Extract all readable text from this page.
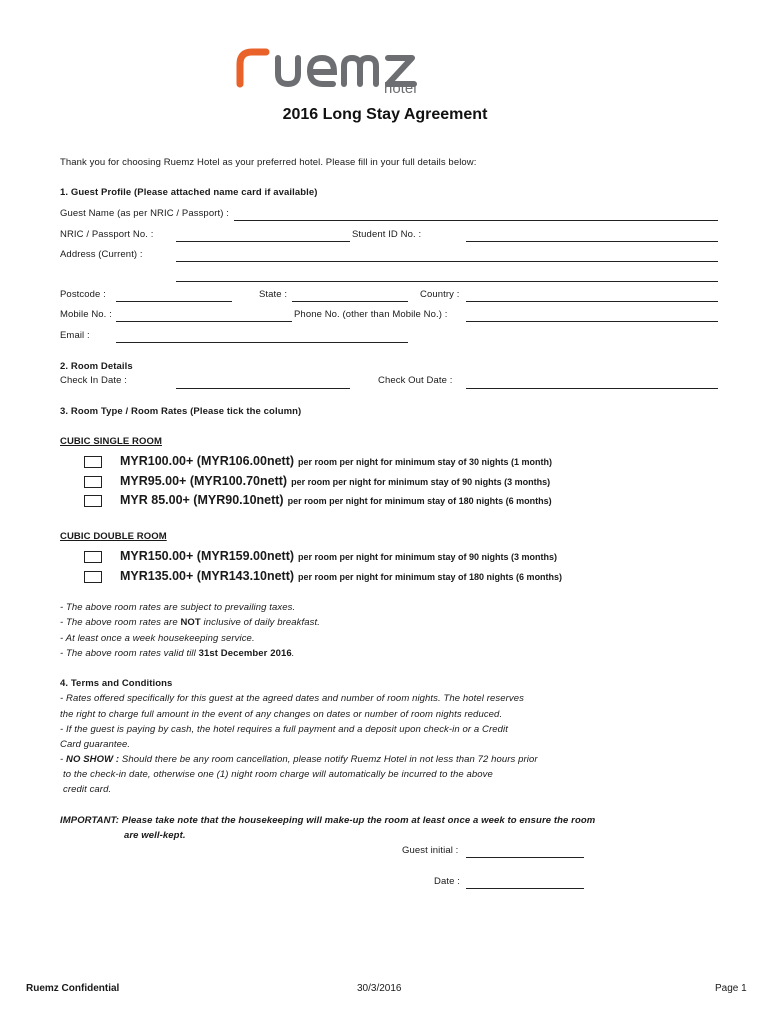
hotel
2016 Long Stay Agreement
Thank you for choosing Ruemz Hotel as your preferred hotel. Please fill in your full details below:
1. Guest Profile (Please attached name card if available)
Guest Name (as per NRIC / Passport) :
NRIC / Passport No. :	Student ID No. :
Address (Current) :
Postcode :	State :	Country :
Mobile No. :	Phone No. (other than Mobile No.) :
Email :
2. Room Details
Check In Date :	Check Out Date :
3. Room Type / Room Rates (Please tick the column)
CUBIC SINGLE ROOM
MYR100.00+ (MYR106.00nett) per room per night for minimum stay of 30 nights (1 month)
MYR95.00+ (MYR100.70nett) per room per night for minimum stay of 90 nights (3 months)
MYR 85.00+ (MYR90.10nett) per room per night for minimum stay of 180 nights (6 months)
CUBIC DOUBLE ROOM
MYR150.00+ (MYR159.00nett) per room per night for minimum stay of 90 nights (3 months)
MYR135.00+ (MYR143.10nett) per room per night for minimum stay of 180 nights (6 months)
- The above room rates are subject to prevailing taxes.
- The above room rates are NOT inclusive of daily breakfast.
- At least once a week housekeeping service.
- The above room rates valid till 31st December 2016.
4. Terms and Conditions
- Rates offered specifically for this guest at the agreed dates and number of room nights. The hotel reserves
the right to charge full amount in the event of any changes on dates or number of room nights reduced.
- If the guest is paying by cash, the hotel requires a full payment and a deposit upon check-in or a Credit
Card guarantee.
- NO SHOW : Should there be any room cancellation, please notify Ruemz Hotel in not less than 72 hours prior
to the check-in date, otherwise one (1) night room charge will automatically be incurred to the above
credit card.
IMPORTANT: Please take note that the housekeeping will make-up the room at least once a week to ensure the room
are well-kept.
Guest initial :
Date :
Ruemz Confidential	30/3/2016	Page 1
